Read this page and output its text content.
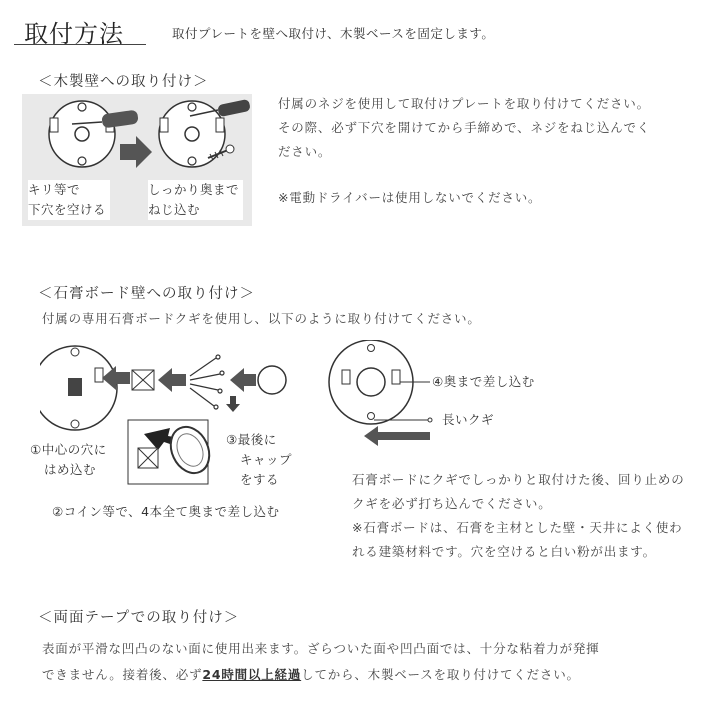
取付方法	取付プレートを壁へ取付け、木製ベースを固定します。
＜木製壁への取り付け＞
キリ等で
下穴を空ける
しっかり奥まで
ねじ込む
付属のネジを使用して取付けプレートを取り付けてください。
その際、必ず下穴を開けてから手締めで、ネジをねじ込んでく
ださい。
※電動ドライバーは使用しないでください。
＜石膏ボード壁への取り付け＞
付属の専用石膏ボードクギを使用し、以下のように取り付けてください。
①中心の穴に
はめ込む
③最後に
キャップ
をする
②コイン等で、4本全て奥まで差し込む
④奥まで差し込む
長いクギ
石膏ボードにクギでしっかりと取付けた後、回り止めの
クギを必ず打ち込んでください。
※石膏ボードは、石膏を主材とした壁・天井によく使わ
れる建築材料です。穴を空けると白い粉が出ます。
＜両面テープでの取り付け＞
表面が平滑な凹凸のない面に使用出来ます。ざらついた面や凹凸面では、十分な粘着力が発揮
できません。接着後、必ず24時間以上経過してから、木製ベースを取り付けてください。
